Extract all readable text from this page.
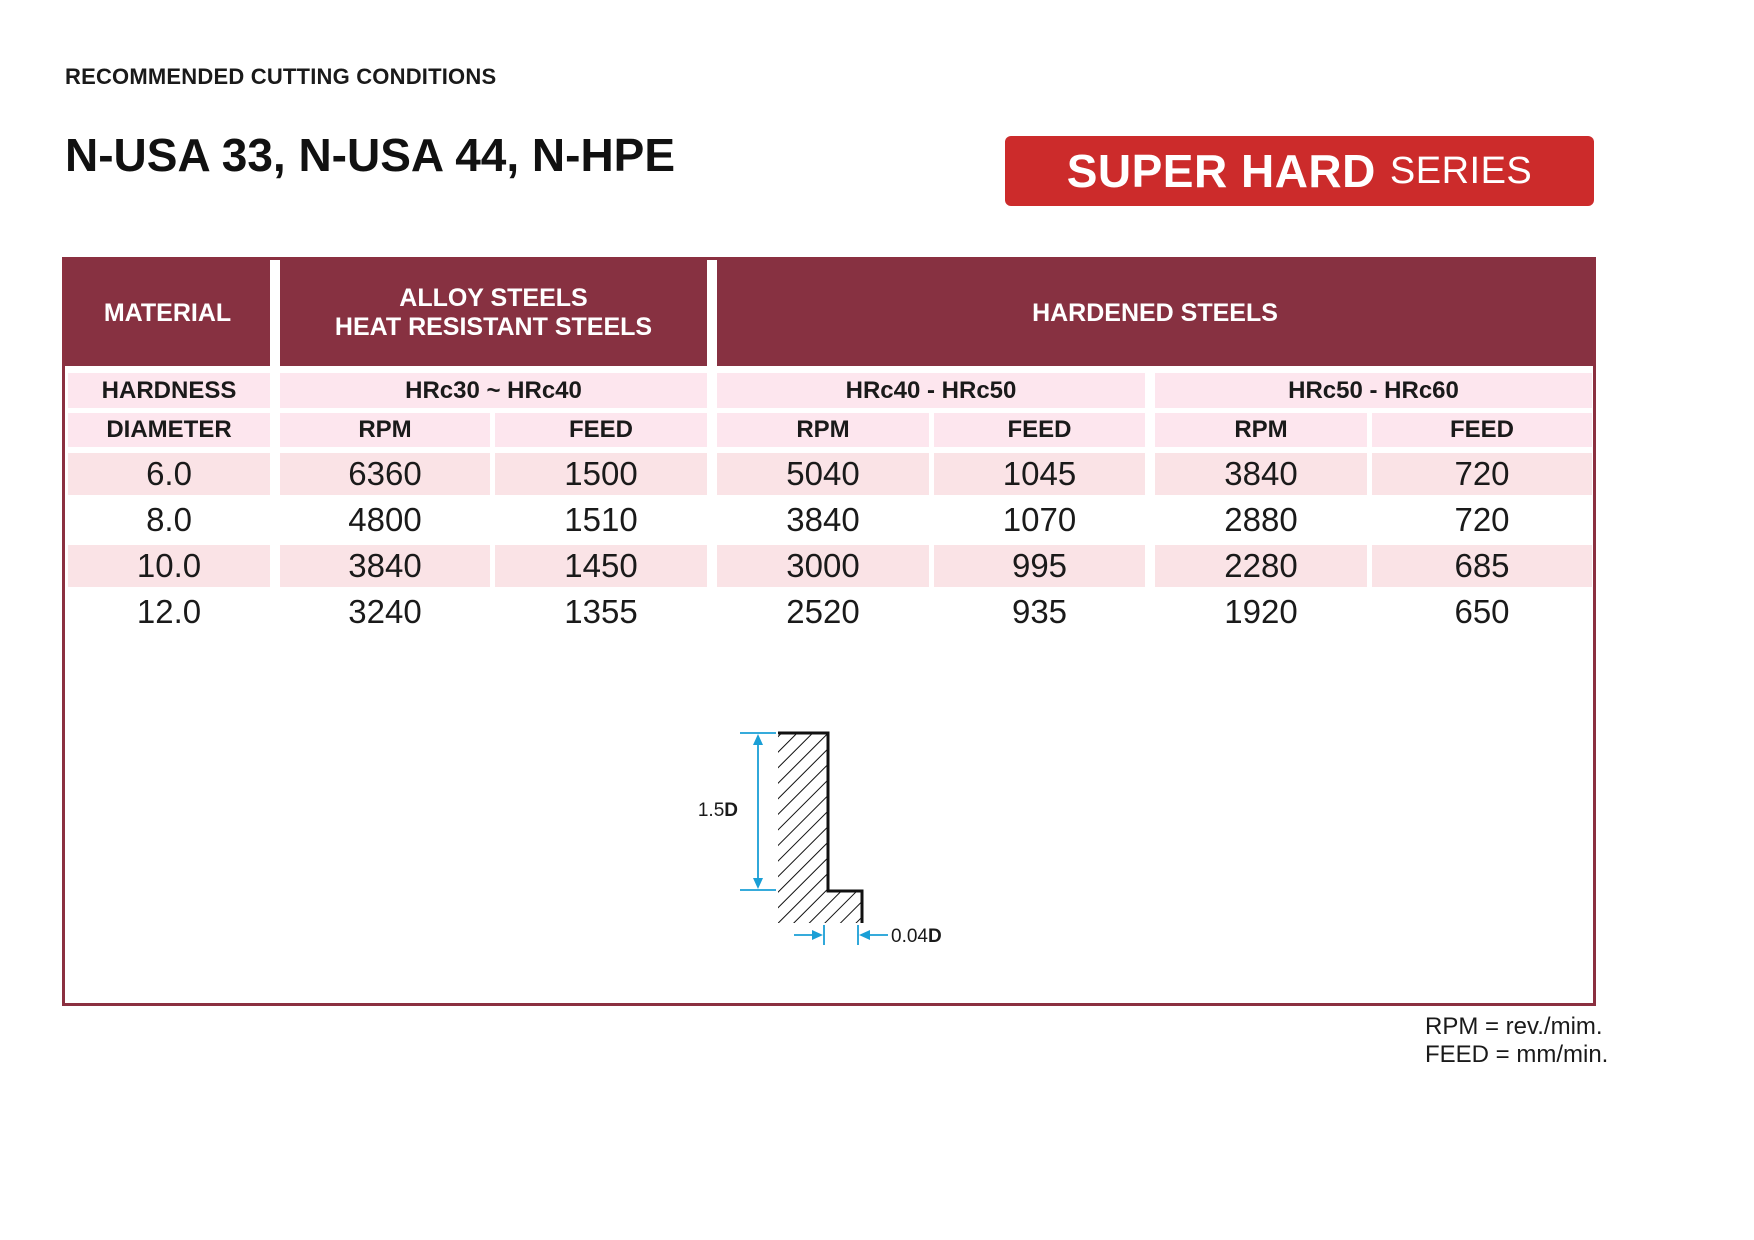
RECOMMENDED CUTTING CONDITIONS
N-USA 33, N-USA 44, N-HPE	SUPER HARD SERIES
MATERIAL
ALLOY STEELS
HEAT RESISTANT STEELS
HARDENED STEELS
HARDNESS	HRc30 ~ HRc40	HRc40 - HRc50	HRc50 - HRc60
DIAMETER	RPM	FEED	RPM	FEED	RPM	FEED
6.0	6360	1500	5040	1045	3840	720
8.0	4800	1510	3840	1070	2880	720
10.0	3840	1450	3000	995	2280	685
12.0	3240	1355	2520	935	1920	650
1.5D
0.04D
RPM = rev./mim.
FEED = mm/min.
